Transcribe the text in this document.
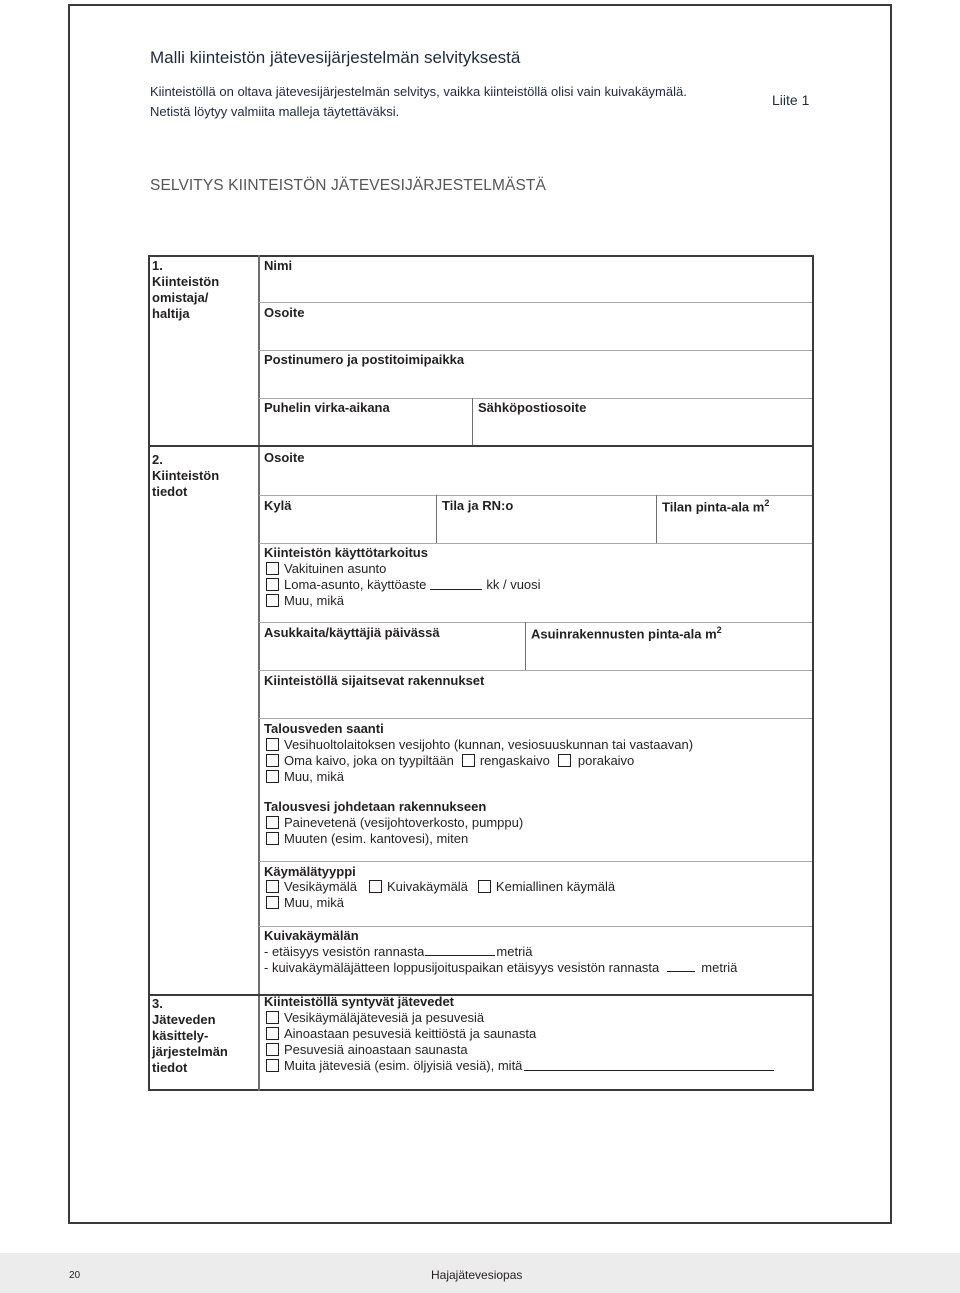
Malli kiinteistön jätevesijärjestelmän selvityksestä
Kiinteistöllä on oltava jätevesijärjestelmän selvitys, vaikka kiinteistöllä olisi vain kuivakäymälä. Netistä löytyy valmiita malleja täytettäväksi.
Liite 1
SELVITYS KIINTEISTÖN JÄTEVESIJÄRJESTELMÄSTÄ
1.
Kiinteistön
omistaja/
haltija
Nimi
Osoite
Postinumero ja postitoimipaikka
Puhelin virka-aikana	Sähköpostiosoite
2.
Kiinteistön
tiedot
Osoite
Kylä	Tila ja RN:o	Tilan pinta-ala $m^2$
Kiinteistön käyttötarkoitus
Vakituinen asunto
Loma-asunto, käyttöaste	kk / vuosi
Muu, mikä
Asukkaita/käyttäjiä päivässä	Asuinrakennusten pinta-ala $m^2$
Kiinteistöllä sijaitsevat rakennukset
Talousveden saanti
Vesihuoltolaitoksen vesijohto (kunnan, vesiosuuskunnan tai vastaavan)
Oma kaivo, joka on tyypiltään rengaskaivo porakaivo
Muu, mikä
Talousvesi johdetaan rakennukseen
Painevetenä (vesijohtoverkosto, pumppu)
Muuten (esim. kantovesi), miten
Käymälätyyppi
Vesikäymälä Kuivakäymälä Kemiallinen käymälä
Muu, mikä
Kuivakäymälän
- etäisyys vesistön rannasta	metriä
- kuivakäymäläjätteen loppusijoituspaikan etäisyys vesistön rannasta	metriä
3.
Jäteveden
käsittely-
järjestelmän
tiedot
Kiinteistöllä syntyvät jätevedet
Vesikäymäläjätevesiä ja pesuvesiä
Ainoastaan pesuvesiä keittiöstä ja saunasta
Pesuvesiä ainoastaan saunasta
Muita jätevesiä (esim. öljyisiä vesiä), mitä
20	Hajajätevesiopas
